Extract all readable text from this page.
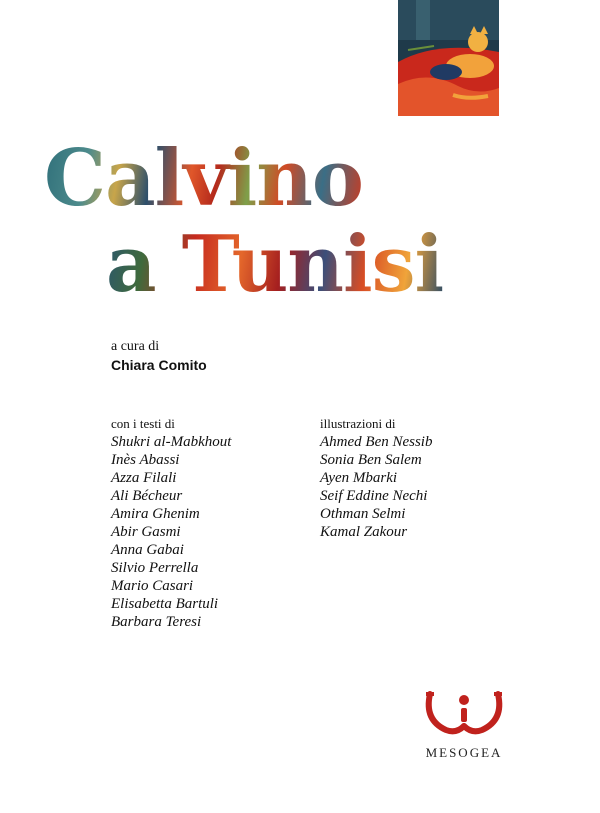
Calvino
a Tunisi
a cura di
Chiara Comito
con i testi di
Shukri al-Mabkhout
Inès Abassi
Azza Filali
Ali Bécheur
Amira Ghenim
Abir Gasmi
Anna Gabai
Silvio Perrella
Mario Casari
Elisabetta Bartuli
Barbara Teresi
illustrazioni di
Ahmed Ben Nessib
Sonia Ben Salem
Ayen Mbarki
Seif Eddine Nechi
Othman Selmi
Kamal Zakour
MESOGEA
